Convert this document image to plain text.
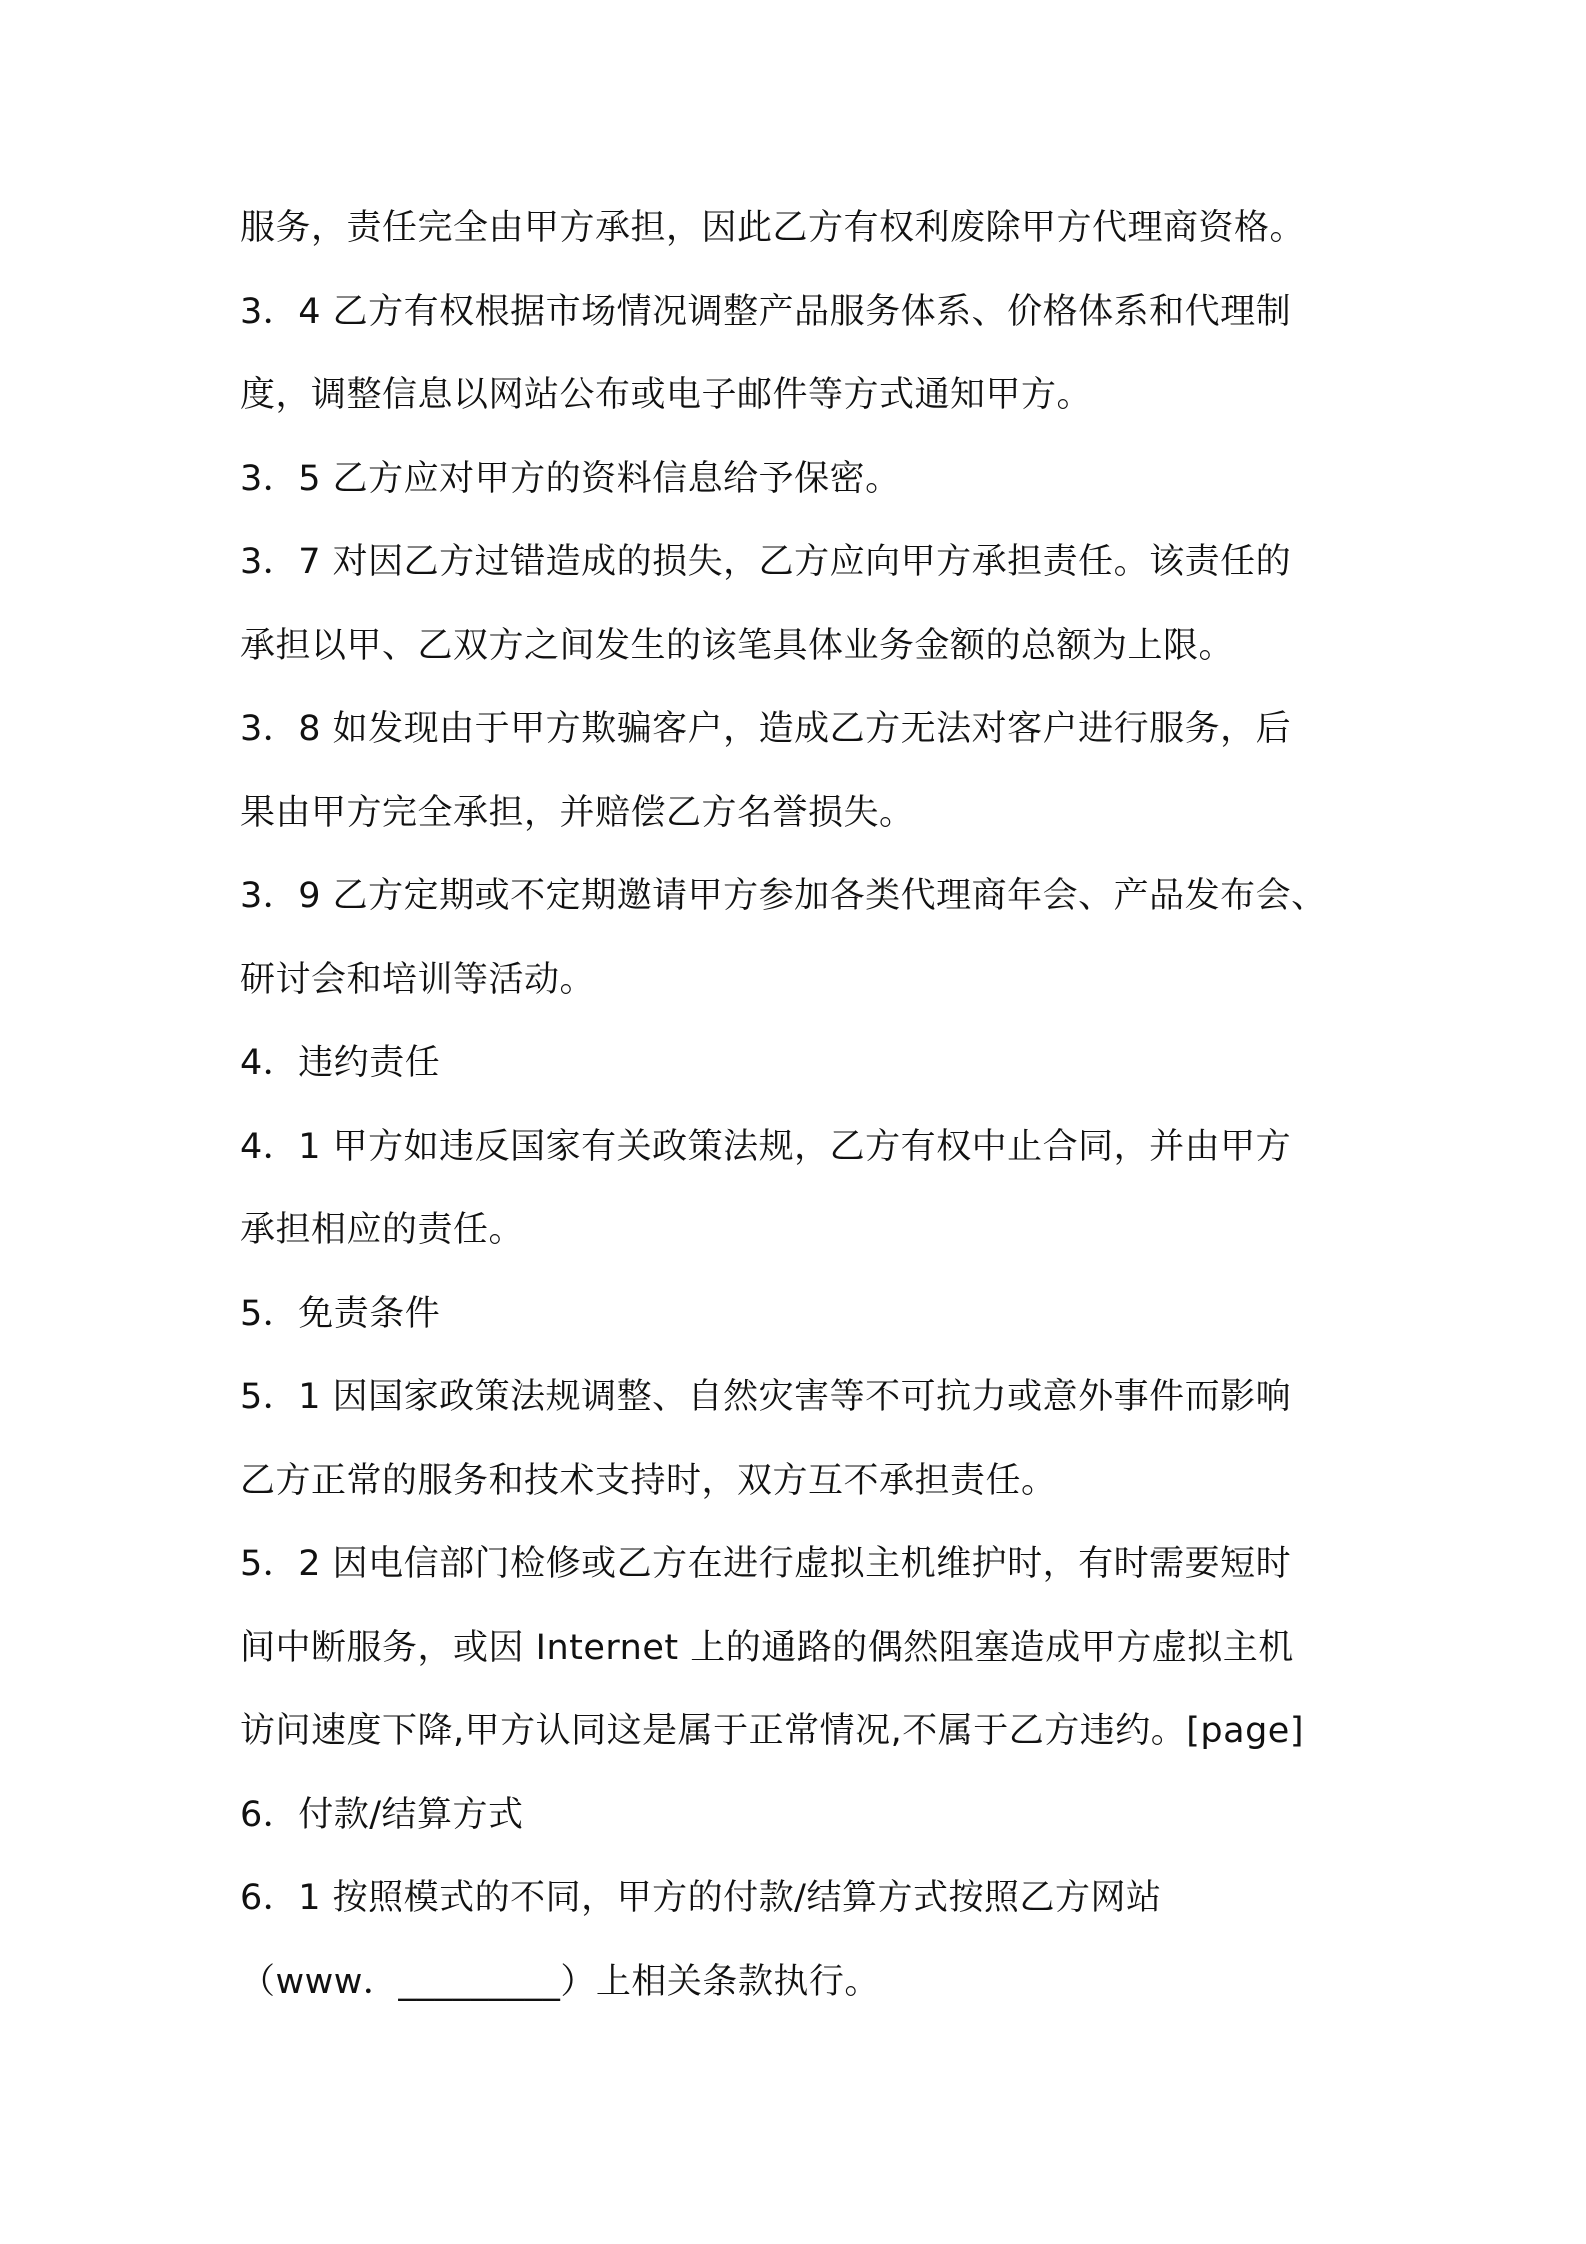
服务，责任完全由甲方承担，因此乙方有权利废除甲方代理商资格。
3．4 乙方有权根据市场情况调整产品服务体系、价格体系和代理制
度，调整信息以网站公布或电子邮件等方式通知甲方。
3．5 乙方应对甲方的资料信息给予保密。
3．7 对因乙方过错造成的损失，乙方应向甲方承担责任。该责任的
承担以甲、乙双方之间发生的该笔具体业务金额的总额为上限。
3．8 如发现由于甲方欺骗客户，造成乙方无法对客户进行服务，后
果由甲方完全承担，并赔偿乙方名誉损失。
3．9 乙方定期或不定期邀请甲方参加各类代理商年会、产品发布会、
研讨会和培训等活动。
4．违约责任
4．1 甲方如违反国家有关政策法规，乙方有权中止合同，并由甲方
承担相应的责任。
5．免责条件
5．1 因国家政策法规调整、自然灾害等不可抗力或意外事件而影响
乙方正常的服务和技术支持时，双方互不承担责任。
5．2 因电信部门检修或乙方在进行虚拟主机维护时，有时需要短时
间中断服务，或因 Internet 上的通路的偶然阻塞造成甲方虚拟主机
访问速度下降,甲方认同这是属于正常情况,不属于乙方违约。[page]
6．付款/结算方式
6．1 按照模式的不同，甲方的付款/结算方式按照乙方网站
（www．_________）上相关条款执行。
